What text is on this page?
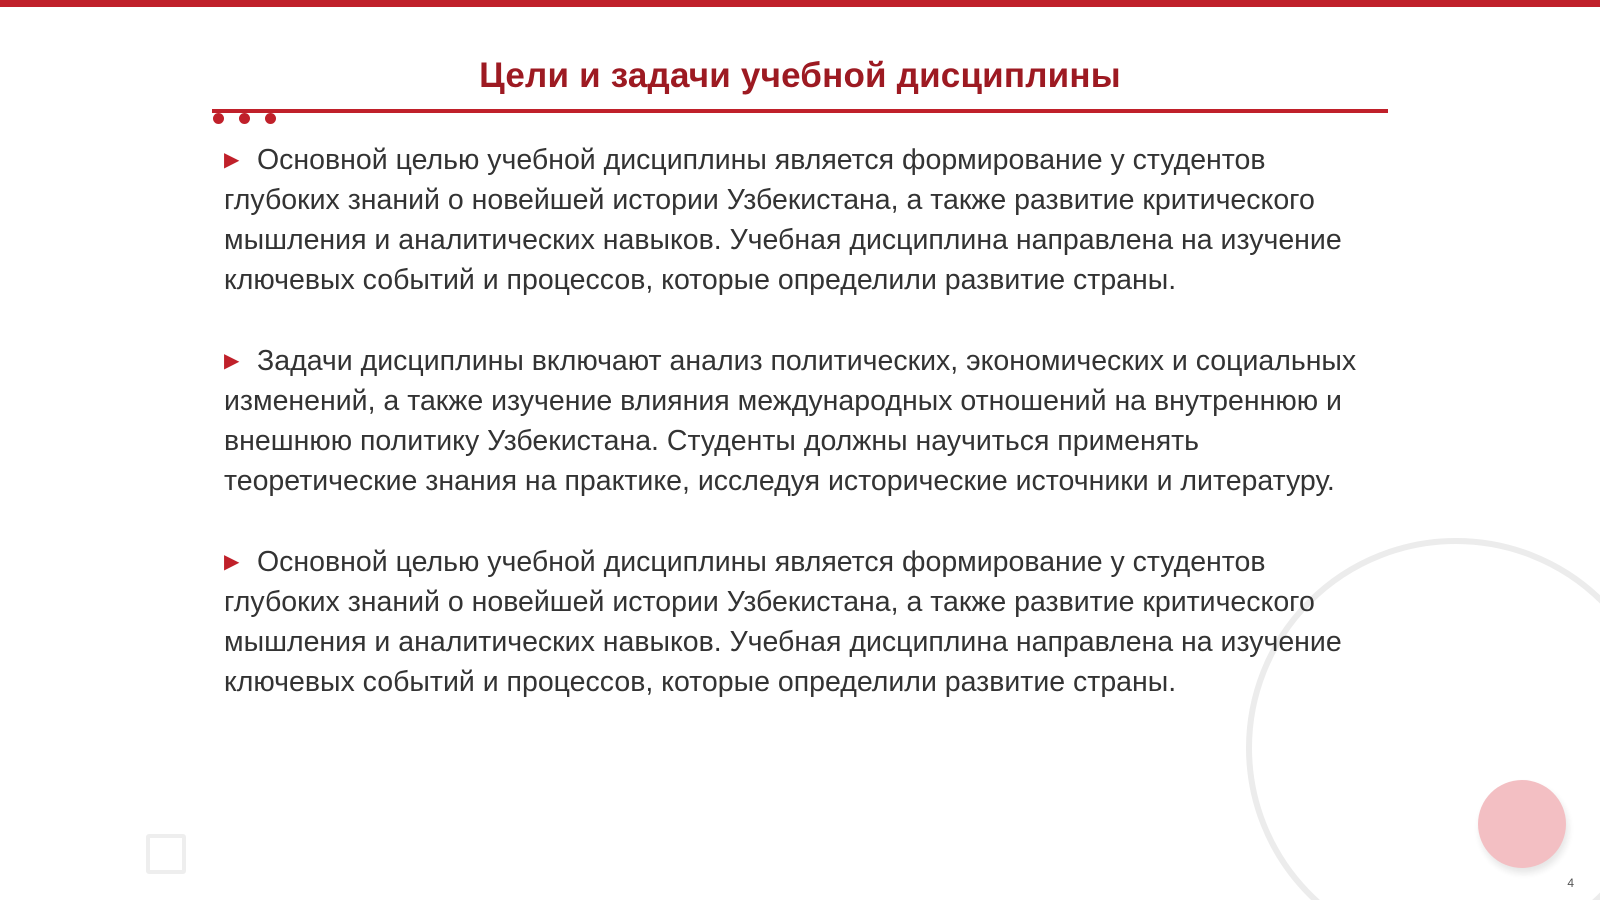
Цели и задачи учебной дисциплины

▶ Основной целью учебной дисциплины является формирование у студентов глубоких знаний о новейшей истории Узбекистана, а также развитие критического мышления и аналитических навыков. Учебная дисциплина направлена на изучение ключевых событий и процессов, которые определили развитие страны.

▶ Задачи дисциплины включают анализ политических, экономических и социальных изменений, а также изучение влияния международных отношений на внутреннюю и внешнюю политику Узбекистана. Студенты должны научиться применять теоретические знания на практике, исследуя исторические источники и литературу.

▶ Основной целью учебной дисциплины является формирование у студентов глубоких знаний о новейшей истории Узбекистана, а также развитие критического мышления и аналитических навыков. Учебная дисциплина направлена на изучение ключевых событий и процессов, которые определили развитие страны.

4
